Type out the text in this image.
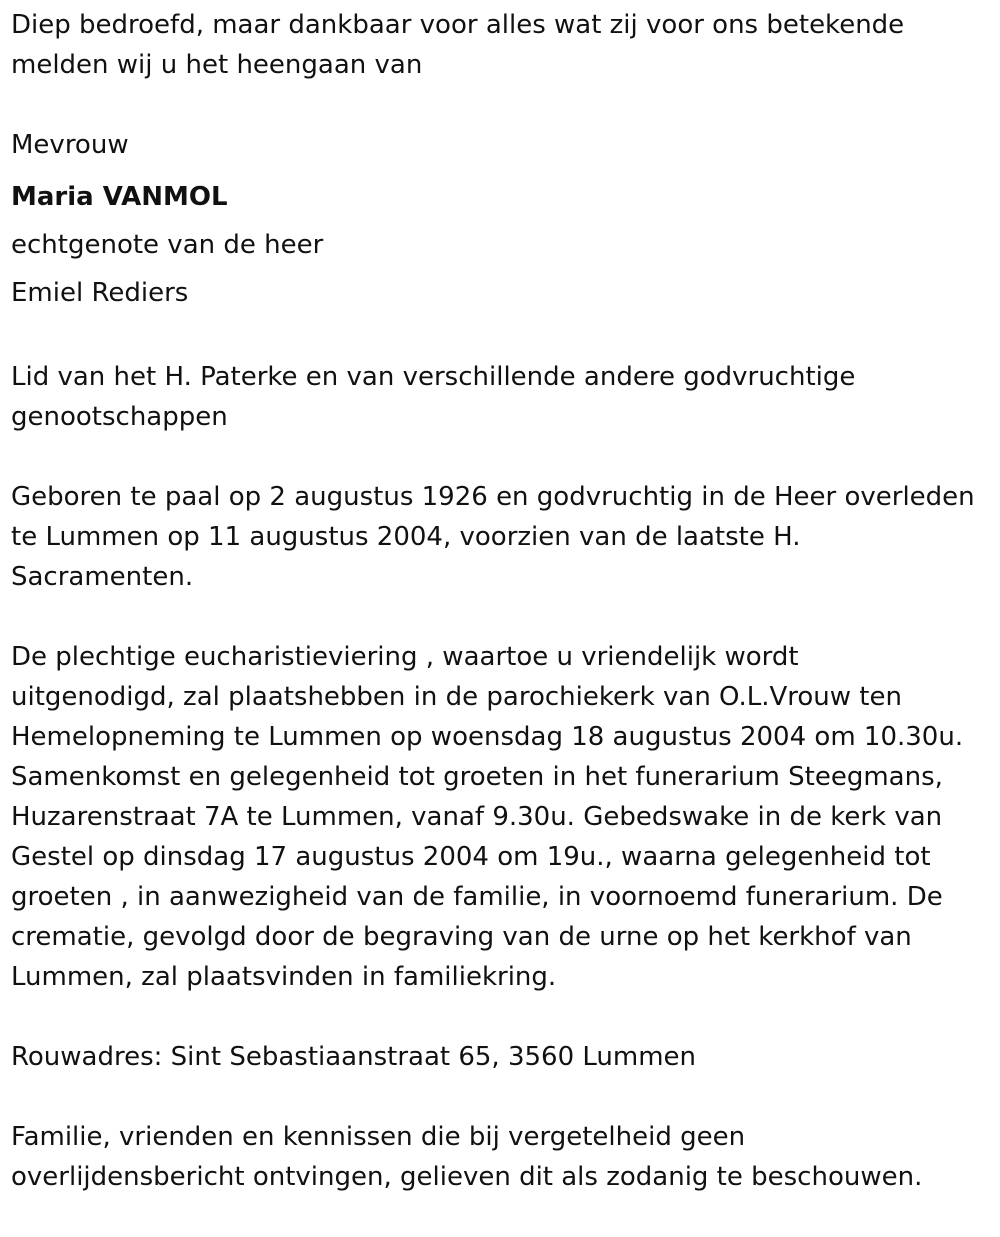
Diep bedroefd, maar dankbaar voor alles wat zij voor ons betekende
melden wij u het heengaan van

Mevrouw
Maria VANMOL
echtgenote van de heer
Emiel Rediers

Lid van het H. Paterke en van verschillende andere godvruchtige
genootschappen

Geboren te paal op 2 augustus 1926 en godvruchtig in de Heer overleden
te Lummen op 11 augustus 2004, voorzien van de laatste H.
Sacramenten.

De plechtige eucharistieviering , waartoe u vriendelijk wordt
uitgenodigd, zal plaatshebben in de parochiekerk van O.L.Vrouw ten
Hemelopneming te Lummen op woensdag 18 augustus 2004 om 10.30u.
Samenkomst en gelegenheid tot groeten in het funerarium Steegmans,
Huzarenstraat 7A te Lummen, vanaf 9.30u. Gebedswake in de kerk van
Gestel op dinsdag 17 augustus 2004 om 19u., waarna gelegenheid tot
groeten , in aanwezigheid van de familie, in voornoemd funerarium. De
crematie, gevolgd door de begraving van de urne op het kerkhof van
Lummen, zal plaatsvinden in familiekring.

Rouwadres: Sint Sebastiaanstraat 65, 3560 Lummen

Familie, vrienden en kennissen die bij vergetelheid geen
overlijdensbericht ontvingen, gelieven dit als zodanig te beschouwen.
